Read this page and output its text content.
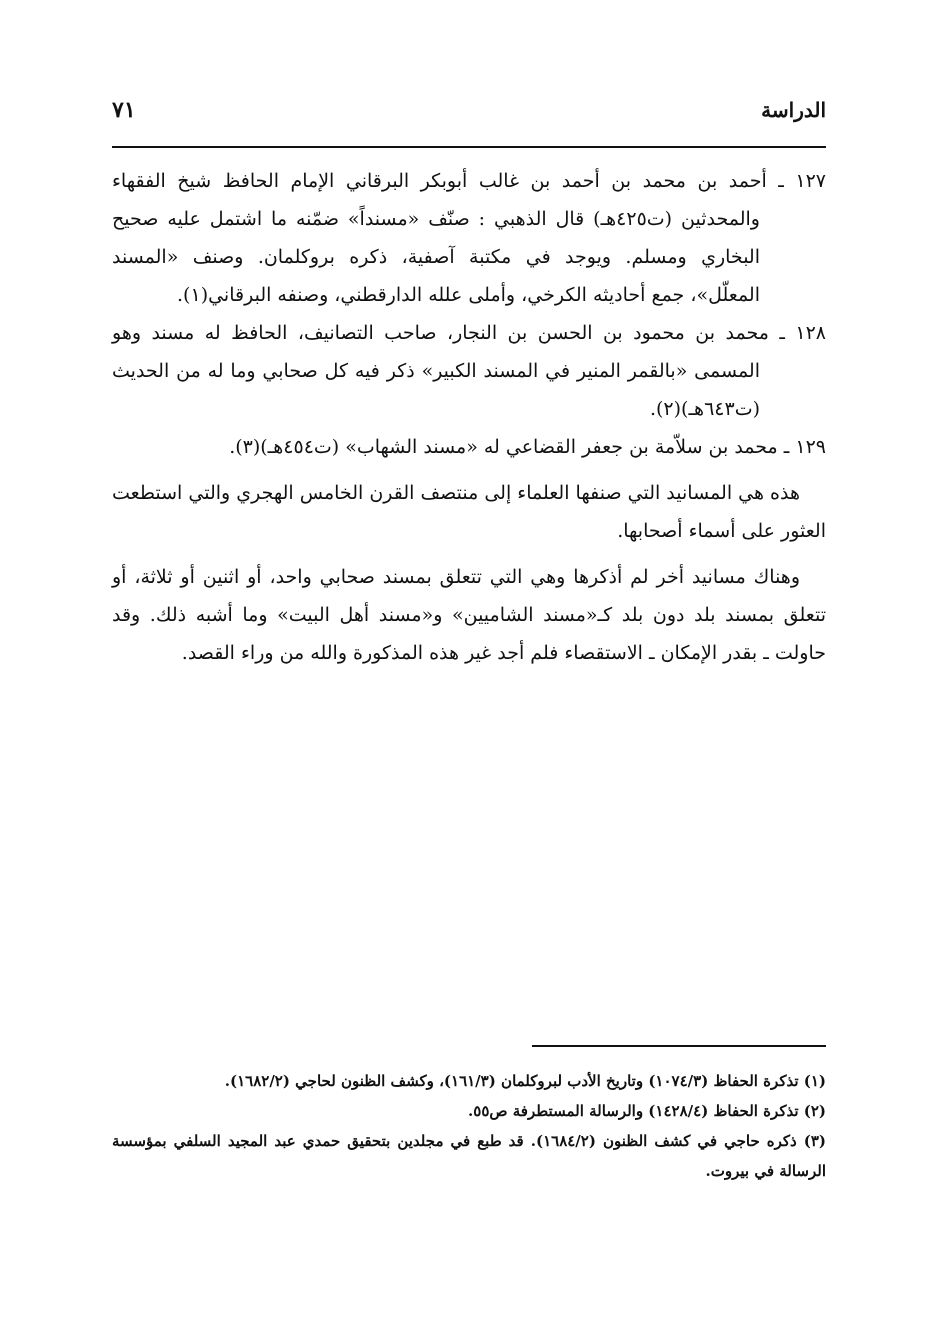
الدراسة
٧١

١٢٧ ـ أحمد بن محمد بن أحمد بن غالب أبوبكر البرقاني الإمام الحافظ شيخ الفقهاء والمحدثين (ت٤٢٥هـ) قال الذهبي : صنّف «مسنداً» ضمّنه ما اشتمل عليه صحيح البخاري ومسلم. ويوجد في مكتبة آصفية، ذكره بروكلمان. وصنف «المسند المعلّل»، جمع أحاديثه الكرخي، وأملى علله الدارقطني، وصنفه البرقاني(١).

١٢٨ ـ محمد بن محمود بن الحسن بن النجار، صاحب التصانيف، الحافظ له مسند وهو المسمى «بالقمر المنير في المسند الكبير» ذكر فيه كل صحابي وما له من الحديث (ت٦٤٣هـ)(٢).

١٢٩ ـ محمد بن سلاّمة بن جعفر القضاعي له «مسند الشهاب» (ت٤٥٤هـ)(٣).

هذه هي المسانيد التي صنفها العلماء إلى منتصف القرن الخامس الهجري والتي استطعت العثور على أسماء أصحابها.

وهناك مسانيد أخر لم أذكرها وهي التي تتعلق بمسند صحابي واحد، أو اثنين أو ثلاثة، أو تتعلق بمسند بلد دون بلد كـ«مسند الشاميين» و«مسند أهل البيت» وما أشبه ذلك. وقد حاولت ـ بقدر الإمكان ـ الاستقصاء فلم أجد غير هذه المذكورة والله من وراء القصد.

(١) تذكرة الحفاظ (١٠٧٤/٣) وتاريخ الأدب لبروكلمان (١٦١/٣)، وكشف الظنون لحاجي (١٦٨٢/٢).

(٢) تذكرة الحفاظ (١٤٢٨/٤) والرسالة المستطرفة ص٥٥.

(٣) ذكره حاجي في كشف الظنون (١٦٨٤/٢). قد طبع في مجلدين بتحقيق حمدي عبد المجيد السلفي بمؤسسة الرسالة في بيروت.
